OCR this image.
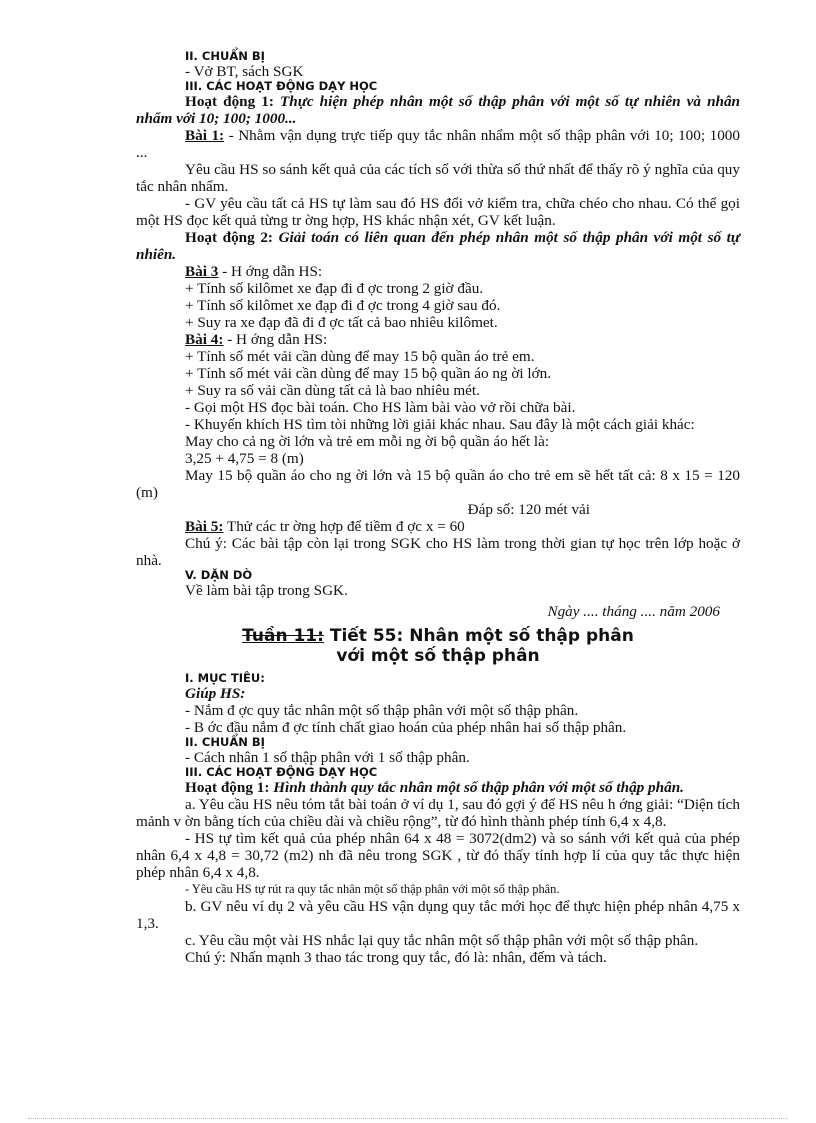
II. CHUẨN BỊ

- Vở BT, sách SGK

III. CÁC HOẠT ĐỘNG DẠY HỌC

Hoạt động 1: Thực hiện phép nhân một số thập phân với một số tự nhiên và nhân nhẩm với 10; 100; 1000...

Bài 1: - Nhằm vận dụng trực tiếp quy tắc nhân nhẩm một số thập phân với 10; 100; 1000 ...

Yêu cầu HS so sánh kết quả của các tích số với thừa số thứ nhất để thấy rõ ý nghĩa của quy tắc nhân nhẩm.

- GV yêu cầu tất cả HS tự làm sau đó HS đổi vở kiểm tra, chữa chéo cho nhau. Có thể gọi một HS đọc kết quả từng tr ờng hợp, HS khác nhận xét, GV kết luận.

Hoạt động 2: Giải toán có liên quan đến phép nhân một số thập phân với một số tự nhiên.

Bài 3 - H ớng dẫn HS:

+ Tính số kilômet xe đạp đi đ ợc trong 2 giờ đầu.

+ Tính số kilômet xe đạp đi đ ợc trong 4 giờ sau đó.

+ Suy ra xe đạp đã đi đ ợc tất cả bao nhiêu kilômet.

Bài 4: - H ớng dẫn HS:

+ Tính số mét vải cần dùng để may 15 bộ quần áo trẻ em.

+ Tính số mét vải cần dùng để may 15 bộ quần áo ng ời lớn.

+ Suy ra số vải cần dùng tất cả là bao nhiêu mét.

- Gọi một HS đọc bài toán. Cho HS làm bài vào vở rồi chữa bài.

- Khuyến khích HS tìm tòi những lời giải khác nhau. Sau đây là một cách giải khác:

May cho cả ng ời lớn và trẻ em mỗi ng ời bộ quần áo hết là:

3,25 + 4,75 = 8 (m)

May 15 bộ quần áo cho ng ời lớn và 15 bộ quần áo cho trẻ em sẽ hết tất cả: 8 x 15 = 120 (m)

Đáp số: 120 mét vải

Bài 5: Thử các tr ờng hợp để tiềm đ ợc x = 60

Chú ý: Các bài tập còn lại trong SGK cho HS làm trong thời gian tự học trên lớp hoặc ở nhà.

V. DẶN DÒ

Về làm bài tập trong SGK.

Ngày .... tháng .... năm 2006

Tuần 11: Tiết 55: Nhân một số thập phân
với một số thập phân

I. MỤC TIÊU:

Giúp HS:

- Nắm đ ợc quy tắc nhân một số thập phân với một số thập phân.

- B ớc đầu nắm đ ợc tính chất giao hoán của phép nhân hai số thập phân.

II. CHUẨN BỊ

- Cách nhân 1 số thập phân với 1 số thập phân.

III. CÁC HOẠT ĐỘNG DẠY HỌC

Hoạt động 1: Hình thành quy tắc nhân một số thập phân với một số thập phân.

a. Yêu cầu HS nêu tóm tắt bài toán ở ví dụ 1, sau đó gợi ý để HS nêu h ớng giải: “Diện tích mảnh v ờn bằng tích của chiều dài và chiều rộng”, từ đó hình thành phép tính 6,4 x 4,8.

- HS tự tìm kết quả của phép nhân 64 x 48 = 3072(dm2) và so sánh với kết quả của phép nhân 6,4 x 4,8 = 30,72 (m2) nh đã nêu trong SGK , từ đó thấy tính hợp lí của quy tắc thực hiện phép nhân 6,4 x 4,8.

- Yêu cầu HS tự rút ra quy tắc nhân một số thập phân với một số thập phân.

b. GV nêu ví dụ 2 và yêu cầu HS vận dụng quy tắc mới học để thực hiện phép nhân 4,75 x 1,3.

c. Yêu cầu một vài HS nhắc lại quy tắc nhân một số thập phân với một số thập phân.

Chú ý: Nhấn mạnh 3 thao tác trong quy tắc, đó là: nhân, đếm và tách.
